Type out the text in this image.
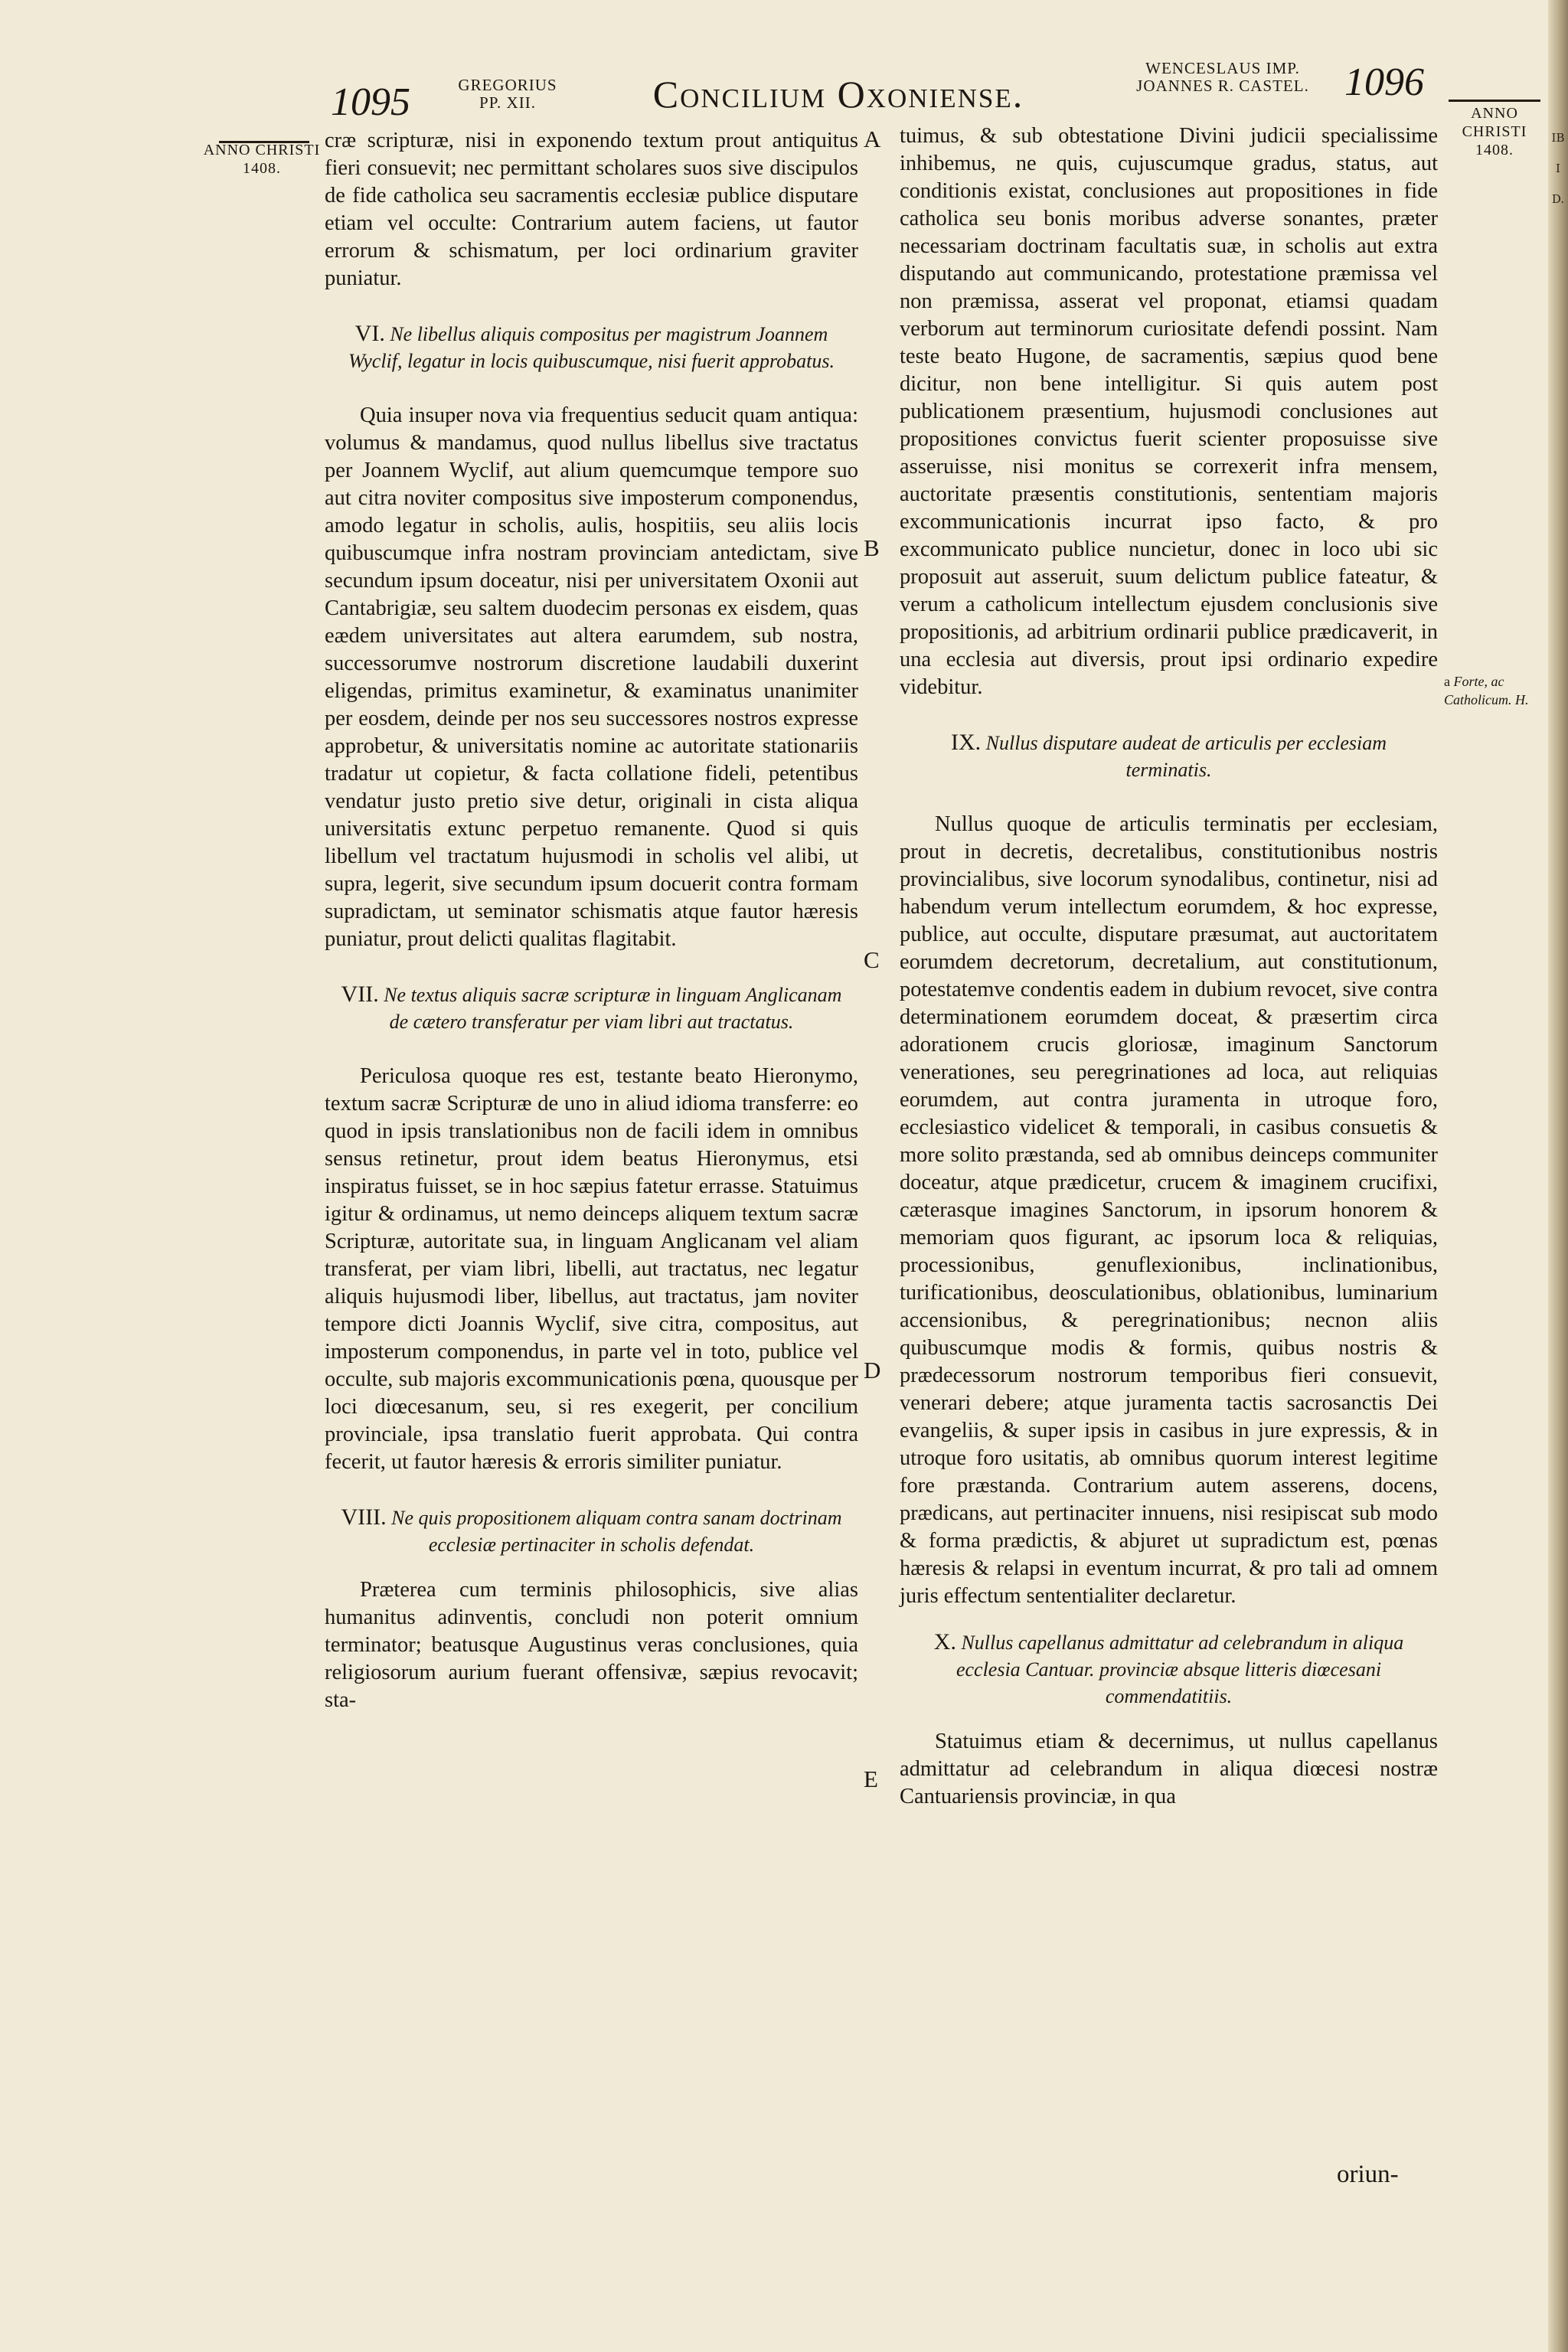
IBID.
1095	GREGORIUS PP. XII.	Concilium Oxoniense.
WENCESLAUS IMP. JOANNES R. CASTEL. 1096
ANNO CHRISTI 1408.
ANNO CHRISTI 1408.
a Forte, ac Catholicum. H.
A
B
C
D
E

cræ scripturæ, nisi in exponendo textum prout antiquitus fieri consuevit; nec permittant scholares suos sive discipulos de fide catholica seu sacramentis ecclesiæ publice disputare etiam vel occulte: Contrarium autem faciens, ut fautor errorum & schismatum, per loci ordinarium graviter puniatur.

VI. Ne libellus aliquis compositus per magistrum Joannem Wyclif, legatur in locis quibuscumque, nisi fuerit approbatus.

Quia insuper nova via frequentius seducit quam antiqua: volumus & mandamus, quod nullus libellus sive tractatus per Joannem Wyclif, aut alium quemcumque tempore suo aut citra noviter compositus sive imposterum componendus, amodo legatur in scholis, aulis, hospitiis, seu aliis locis quibuscumque infra nostram provinciam antedictam, sive secundum ipsum doceatur, nisi per universitatem Oxonii aut Cantabrigiæ, seu saltem duodecim personas ex eisdem, quas eædem universitates aut altera earumdem, sub nostra, successorumve nostrorum discretione laudabili duxerint eligendas, primitus examinetur, & examinatus unanimiter per eosdem, deinde per nos seu successores nostros expresse approbetur, & universitatis nomine ac autoritate stationariis tradatur ut copietur, & facta collatione fideli, petentibus vendatur justo pretio sive detur, originali in cista aliqua universitatis extunc perpetuo remanente. Quod si quis libellum vel tractatum hujusmodi in scholis vel alibi, ut supra, legerit, sive secundum ipsum docuerit contra formam supradictam, ut seminator schismatis atque fautor hæresis puniatur, prout delicti qualitas flagitabit.

VII. Ne textus aliquis sacræ scripturæ in linguam Anglicanam de cætero transferatur per viam libri aut tractatus.

Periculosa quoque res est, testante beato Hieronymo, textum sacræ Scripturæ de uno in aliud idioma transferre: eo quod in ipsis translationibus non de facili idem in omnibus sensus retinetur, prout idem beatus Hieronymus, etsi inspiratus fuisset, se in hoc sæpius fatetur errasse. Statuimus igitur & ordinamus, ut nemo deinceps aliquem textum sacræ Scripturæ, autoritate sua, in linguam Anglicanam vel aliam transferat, per viam libri, libelli, aut tractatus, nec legatur aliquis hujusmodi liber, libellus, aut tractatus, jam noviter tempore dicti Joannis Wyclif, sive citra, compositus, aut imposterum componendus, in parte vel in toto, publice vel occulte, sub majoris excommunicationis pœna, quousque per loci diœcesanum, seu, si res exegerit, per concilium provinciale, ipsa translatio fuerit approbata. Qui contra fecerit, ut fautor hæresis & erroris similiter puniatur.

VIII. Ne quis propositionem aliquam contra sanam doctrinam ecclesiæ pertinaciter in scholis defendat.

Præterea cum terminis philosophicis, sive alias humanitus adinventis, concludi non poterit omnium terminator; beatusque Augustinus veras conclusiones, quia religiosorum aurium fuerant offensivæ, sæpius revocavit; sta-

tuimus, & sub obtestatione Divini judicii specialissime inhibemus, ne quis, cujuscumque gradus, status, aut conditionis existat, conclusiones aut propositiones in fide catholica seu bonis moribus adverse sonantes, præter necessariam doctrinam facultatis suæ, in scholis aut extra disputando aut communicando, protestatione præmissa vel non præmissa, asserat vel proponat, etiamsi quadam verborum aut terminorum curiositate defendi possint. Nam teste beato Hugone, de sacramentis, sæpius quod bene dicitur, non bene intelligitur. Si quis autem post publicationem præsentium, hujusmodi conclusiones aut propositiones convictus fuerit scienter proposuisse sive asseruisse, nisi monitus se correxerit infra mensem, auctoritate præsentis constitutionis, sententiam majoris excommunicationis incurrat ipso facto, & pro excommunicato publice nuncietur, donec in loco ubi sic proposuit aut asseruit, suum delictum publice fateatur, & verum a catholicum intellectum ejusdem conclusionis sive propositionis, ad arbitrium ordinarii publice prædicaverit, in una ecclesia aut diversis, prout ipsi ordinario expedire videbitur.

IX. Nullus disputare audeat de articulis per ecclesiam terminatis.

Nullus quoque de articulis terminatis per ecclesiam, prout in decretis, decretalibus, constitutionibus nostris provincialibus, sive locorum synodalibus, continetur, nisi ad habendum verum intellectum eorumdem, & hoc expresse, publice, aut occulte, disputare præsumat, aut auctoritatem eorumdem decretorum, decretalium, aut constitutionum, potestatemve condentis eadem in dubium revocet, sive contra determinationem eorumdem doceat, & præsertim circa adorationem crucis gloriosæ, imaginum Sanctorum venerationes, seu peregrinationes ad loca, aut reliquias eorumdem, aut contra juramenta in utroque foro, ecclesiastico videlicet & temporali, in casibus consuetis & more solito præstanda, sed ab omnibus deinceps communiter doceatur, atque prædicetur, crucem & imaginem crucifixi, cæterasque imagines Sanctorum, in ipsorum honorem & memoriam quos figurant, ac ipsorum loca & reliquias, processionibus, genuflexionibus, inclinationibus, turificationibus, deosculationibus, oblationibus, luminarium accensionibus, & peregrinationibus; necnon aliis quibuscumque modis & formis, quibus nostris & prædecessorum nostrorum temporibus fieri consuevit, venerari debere; atque juramenta tactis sacrosanctis Dei evangeliis, & super ipsis in casibus in jure expressis, & in utroque foro usitatis, ab omnibus quorum interest legitime fore præstanda. Contrarium autem asserens, docens, prædicans, aut pertinaciter innuens, nisi resipiscat sub modo & forma prædictis, & abjuret ut supradictum est, pœnas hæresis & relapsi in eventum incurrat, & pro tali ad omnem juris effectum sententialiter declaretur.

X. Nullus capellanus admittatur ad celebrandum in aliqua ecclesia Cantuar. provinciæ absque litteris diœcesani commendatitiis.

Statuimus etiam & decernimus, ut nullus capellanus admittatur ad celebrandum in aliqua diœcesi nostræ Cantuariensis provinciæ, in qua

oriun-
